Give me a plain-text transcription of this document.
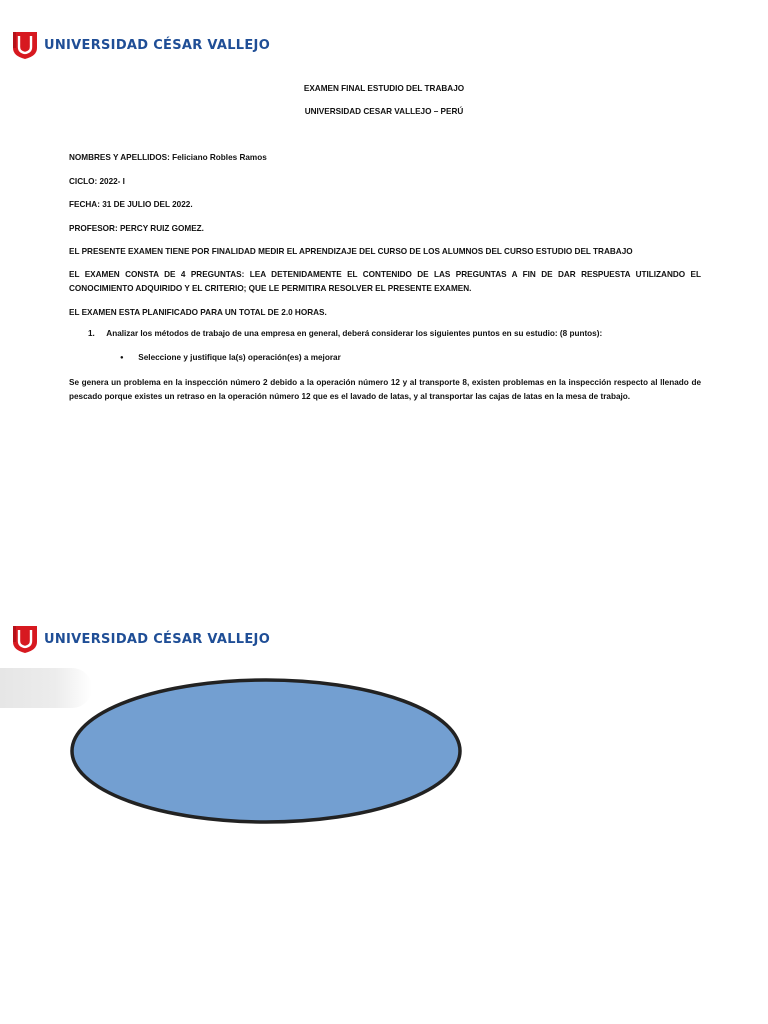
UNIVERSIDAD CÉSAR VALLEJO
EXAMEN FINAL ESTUDIO DEL TRABAJO
UNIVERSIDAD CESAR VALLEJO – PERÚ
NOMBRES Y APELLIDOS: Feliciano Robles Ramos
CICLO: 2022- I
FECHA: 31 DE JULIO DEL 2022.
PROFESOR: PERCY RUIZ GOMEZ.
EL PRESENTE EXAMEN TIENE POR FINALIDAD MEDIR EL APRENDIZAJE DEL CURSO DE LOS ALUMNOS DEL CURSO ESTUDIO DEL TRABAJO
EL EXAMEN CONSTA DE 4 PREGUNTAS: LEA DETENIDAMENTE EL CONTENIDO DE LAS PREGUNTAS A FIN DE DAR RESPUESTA UTILIZANDO EL CONOCIMIENTO ADQUIRIDO Y EL CRITERIO; QUE LE PERMITIRA RESOLVER EL PRESENTE EXAMEN.
EL EXAMEN ESTA PLANIFICADO PARA UN TOTAL DE 2.0 HORAS.
1. Analizar los métodos de trabajo de una empresa en general, deberá considerar los siguientes puntos en su estudio: (8 puntos):
● Seleccione y justifique la(s) operación(es) a mejorar
Se genera un problema en la inspección número 2 debido a la operación número 12 y al transporte 8, existen problemas en la inspección respecto al llenado de pescado porque existes un retraso en la operación número 12 que es el lavado de latas, y al transportar las cajas de latas en la mesa de trabajo.
UNIVERSIDAD CÉSAR VALLEJO
